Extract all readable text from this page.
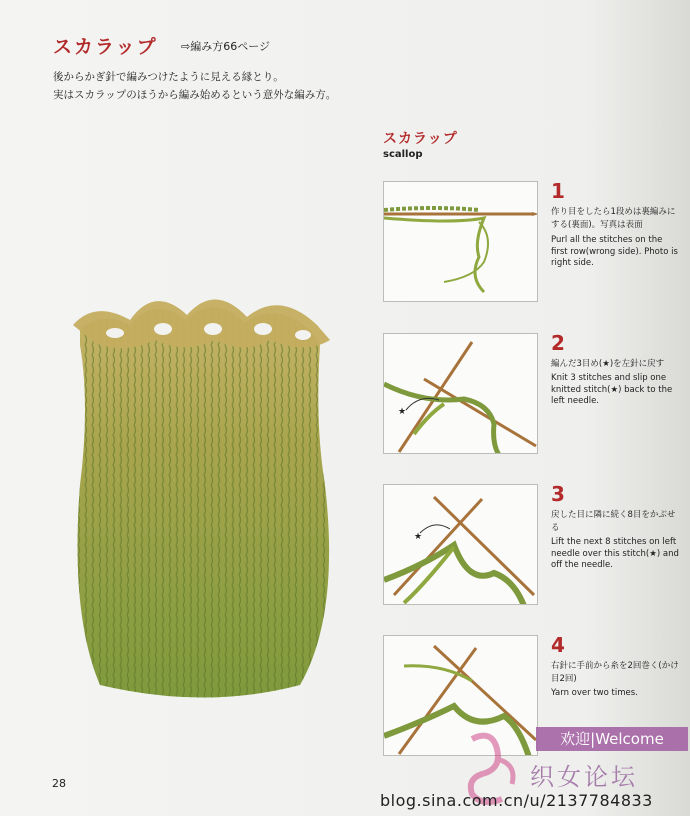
スカラップ ⇨編み方66ページ
後からかぎ針で編みつけたように見える縁とり。
実はスカラップのほうから編み始めるという意外な編み方。
スカラップ
scallop
1
作り目をしたら1段めは裏編みにする(裏面)。写真は表面
Purl all the stitches on the first row(wrong side). Photo is right side.
★
2
編んだ3目め(★)を左針に戻す
Knit 3 stitches and slip one knitted stitch(★) back to the left needle.
★
3
戻した目に隣に続く8目をかぶせる
Lift the next 8 stitches on left needle over this stitch(★) and off the needle.
4
右針に手前から糸を2回巻く(かけ目2回)
Yarn over two times.
28
欢迎|Welcome
织女论坛
blog.sina.com.cn/u/2137784833
